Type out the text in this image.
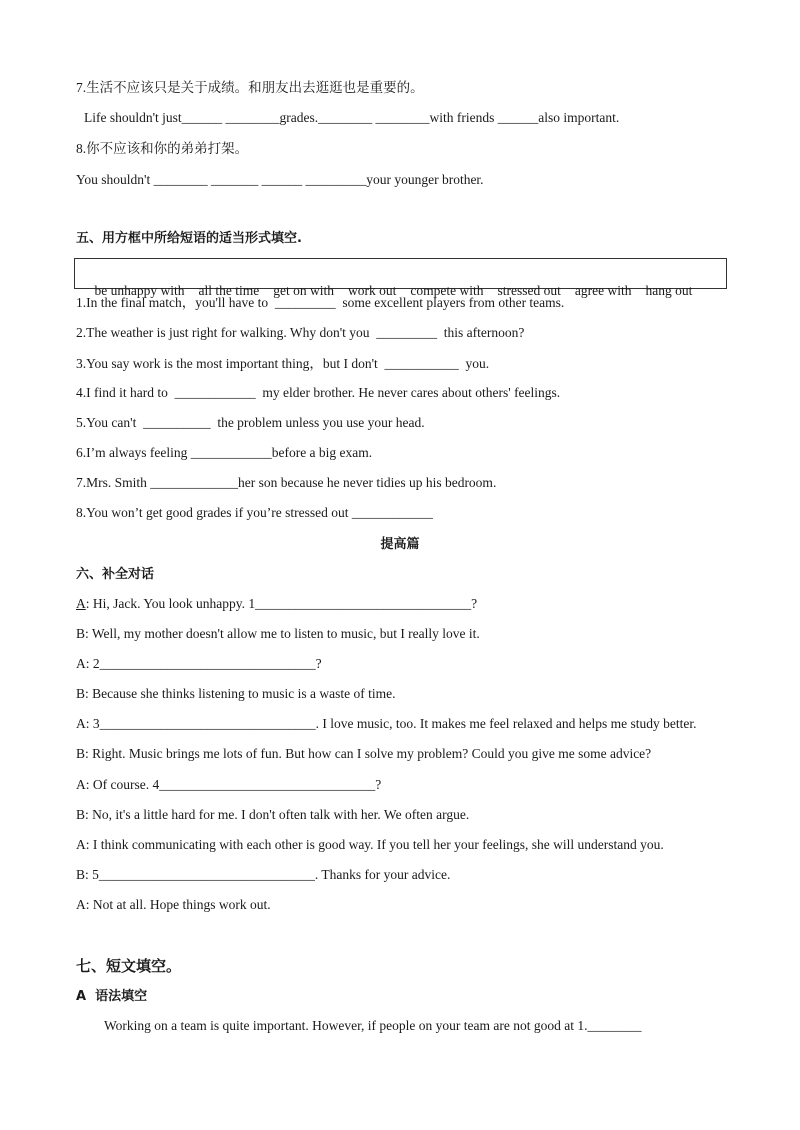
7.生活不应该只是关于成绩。和朋友出去逛逛也是重要的。
Life shouldn't just______ ________grades.________ ________with friends ______also important.
8.你不应该和你的弟弟打架。
You shouldn't ________ _______ ______ _________your younger brother.
五、用方框中所给短语的适当形式填空.

be unhappy with all the time get on with work out compete with stressed out agree with hang out

1.In the final match，you'll have to  _________  some excellent players from other teams.
2.The weather is just right for walking. Why don't you  _________  this afternoon?
3.You say work is the most important thing，but I don't  ___________  you.
4.I find it hard to  ____________  my elder brother. He never cares about others' feelings.
5.You can't  __________  the problem unless you use your head.
6.I’m always feeling ____________before a big exam.
7.Mrs. Smith _____________her son because he never tidies up his bedroom.
8.You won’t get good grades if you’re stressed out ____________
提高篇
六、补全对话
A: Hi, Jack. You look unhappy. 1________________________________?
B: Well, my mother doesn't allow me to listen to music, but I really love it.
A: 2________________________________?
B: Because she thinks listening to music is a waste of time.
A: 3________________________________. I love music, too. It makes me feel relaxed and helps me study better.
B: Right. Music brings me lots of fun. But how can I solve my problem? Could you give me some advice?
A: Of course. 4________________________________?
B: No, it's a little hard for me. I don't often talk with her. We often argue.
A: I think communicating with each other is good way. If you tell her your feelings, she will understand you.
B: 5________________________________. Thanks for your advice.
A: Not at all. Hope things work out.
七、短文填空。
A  语法填空
Working on a team is quite important. However, if people on your team are not good at 1.________
